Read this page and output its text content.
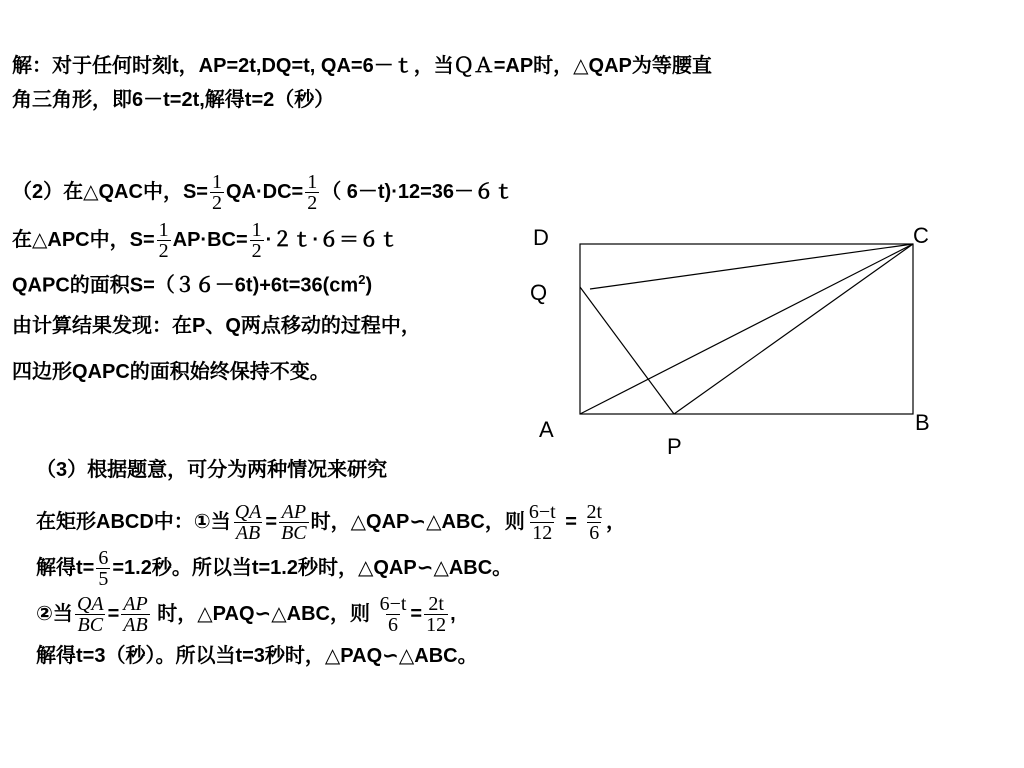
解：对于任何时刻t，AP=2t,DQ=t, QA=6－ｔ，当ＱＡ=AP时，△QAP为等腰直
角三角形，即6－t=2t,解得t=2（秒）
（2）在△QAC中，$S= \frac{1}{2} QA\cdot DC= \frac{1}{2}$ （ 6－t)·12=36－６ｔ
在△APC中，$S= \frac{1}{2} AP\cdot BC= \frac{1}{2}$ ·２ｔ·６＝６ｔ
QAPC的面积$S=(36-6t)+6t=36(cm^2)$
由计算结果发现：在P、Q两点移动的过程中，
四边形QAPC的面积始终保持不变。
D	C
Q
A	B
P
（3）根据题意，可分为两种情况来研究
在矩形ABCD中：①当 $\frac{QA}{AB} = \frac{AP}{BC}$ 时，△QAP∽△ABC，则 $\frac{6-t}{12} = \frac{2t}{6}$ ，
解得$t= \frac{6}{5} =1.2$秒。所以当t=1.2秒时，△QAP∽△ABC。
②当 $\frac{QA}{BC} = \frac{AP}{AB}$ 时，△PAQ∽△ABC，则 $\frac{6-t}{6} = \frac{2t}{12}$ ,
解得t=3（秒）。所以当t=3秒时，△PAQ∽△ABC。
